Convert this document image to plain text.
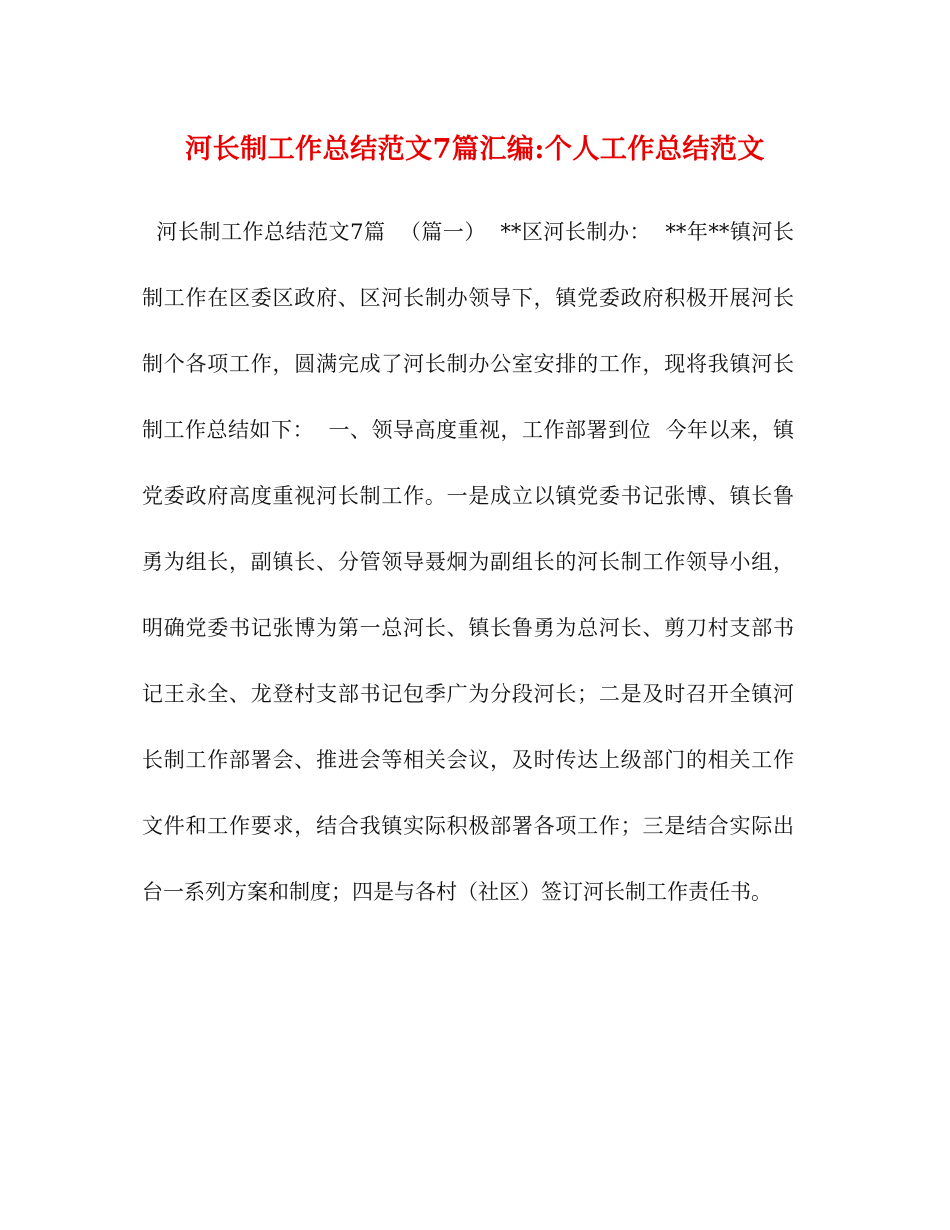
河长制工作总结范文7篇汇编:个人工作总结范文
河长制工作总结范文7篇  （篇一）  **区河长制办：  **年**镇河长
制工作在区委区政府、区河长制办领导下，镇党委政府积极开展河长
制个各项工作，圆满完成了河长制办公室安排的工作，现将我镇河长
制工作总结如下：  一、领导高度重视，工作部署到位  今年以来，镇
党委政府高度重视河长制工作。一是成立以镇党委书记张博、镇长鲁
勇为组长，副镇长、分管领导聂炯为副组长的河长制工作领导小组，
明确党委书记张博为第一总河长、镇长鲁勇为总河长、剪刀村支部书
记王永全、龙登村支部书记包季广为分段河长；二是及时召开全镇河
长制工作部署会、推进会等相关会议，及时传达上级部门的相关工作
文件和工作要求，结合我镇实际积极部署各项工作；三是结合实际出
台一系列方案和制度；四是与各村（社区）签订河长制工作责任书。
